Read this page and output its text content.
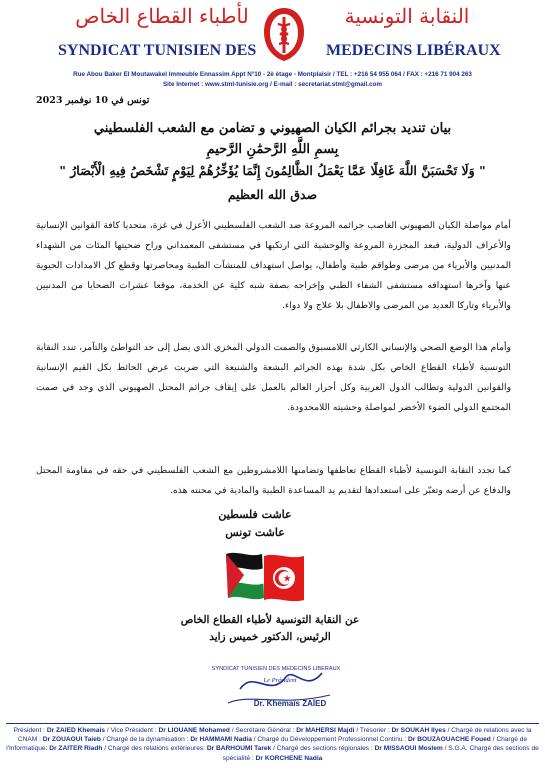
لأطباء القطاع الخاص	النقابة التونسية
SYNDICAT TUNISIEN DES	MEDECINS LIBÉRAUX
Rue Abou Baker El Moutawakel Immeuble Ennassim Appt N°10 - 2è étage - Montplaisir / TEL : +216 54 955 064 / FAX : +216 71 904 263
Site Internet : www.stml-tunisie.org / E-mail : secretariat.stml@gmail.com
تونس في 10 نوفمبر 2023
بيان تنديد بجرائم الكيان الصهيوني و تضامن مع الشعب الفلسطيني
بِسمِ اللَّهِ الرَّحمَٰنِ الرَّحيمِ
" وَلَا تَحْسَبَنَّ اللَّهَ غَافِلًا عَمَّا يَعْمَلُ الظَّالِمُونَ إِنَّمَا يُؤَخِّرُهُمْ لِيَوْمٍ تَشْخَصُ فِيهِ الْأَبْصَارُ "
صدق الله العظيم

أمام مواصلة الكيان الصهيوني الغاصب جرائمه المروعة ضد الشعب الفلسطيني الأعزل في غزة، متحديا كافة القوانين الإنسانية والأعراف الدولية، فبعد المجزرة المروعة والوحشية التي ارتكبها في مستشفى المعمداني وراح ضحيتها المئات من الشهداء المدنيين والأبرياء من مرضى وطواقم طبية وأطفال، يواصل استهداف للمنشآت الطبية ومحاصرتها وقطع كل الامدادات الحيوية عنها وآخرها استهدافه مستشفى الشفاء الطبي وإخراجه بصفة شبه كلية عن الخدمة، موقعا عشرات الضحايا من المدنيين والأبرياء وتاركا العديد من المرضى والاطفال بلا علاج ولا دواء.

وأمام هذا الوضع الصحي والإنساني الكارثي اللامسبوق والصمت الدولي المخزي الذي يصل إلى حد التواطئ والتآمر، تندد النقابة التونسية لأطباء القطاع الخاص بكل شدة بهذه الجرائم البشعة والشنيعة التي ضربت عرض الحائط بكل القيم الإنسانية والقوانين الدولية وتطالب الدول العربية وكل أحرار العالم بالعمل على إيقاف جرائم المحتل الصهيوني الذي وجد في صمت المجتمع الدولي الضوء الأخضر لمواصلة وحشيته اللامحدودة.

كما تجدد النقابة التونسية لأطباء القطاع تعاطفها وتضامنها اللامشروطين مع الشعب الفلسطيني في حقه في مقاومة المحتل والدفاع عن أرضه وتعبّر على استعدادها لتقديم يد المساعدة الطبية والمادية في محنته هذه.

عاشت فلسطين
عاشت تونس
عن النقابة التونسية لأطباء القطاع الخاص
الرئيس، الدكتور خميس زايد
SYNDICAT TUNISIEN DES MEDECINS LIBERAUX
Le Président
Dr. Khemaïs ZAÏED
Président : Dr ZAIED Khemais / Vice Président : Dr LIOUANE Mohamed / Secrétaire Général : Dr MAHERSI Majdi / Trésorier : Dr SOUKAH Ilyes / Chargé de relations avec la CNAM : Dr ZOUAOUI Taieb / Chargé de la dynamisation : Dr HAMMAMI Nadia / Chargé du Développement Professionnel Continu : Dr BOUZAOUACHE Foued / Chargé de l'Informatique: Dr ZAITER Riadh / Chargé des relations extérieures: Dr BARHOUMI Tarek / Chargé des sections régionales : Dr MISSAOUI Moslem / S.G.A. Chargé des sections de spécialité : Dr KORCHENE Nadia
